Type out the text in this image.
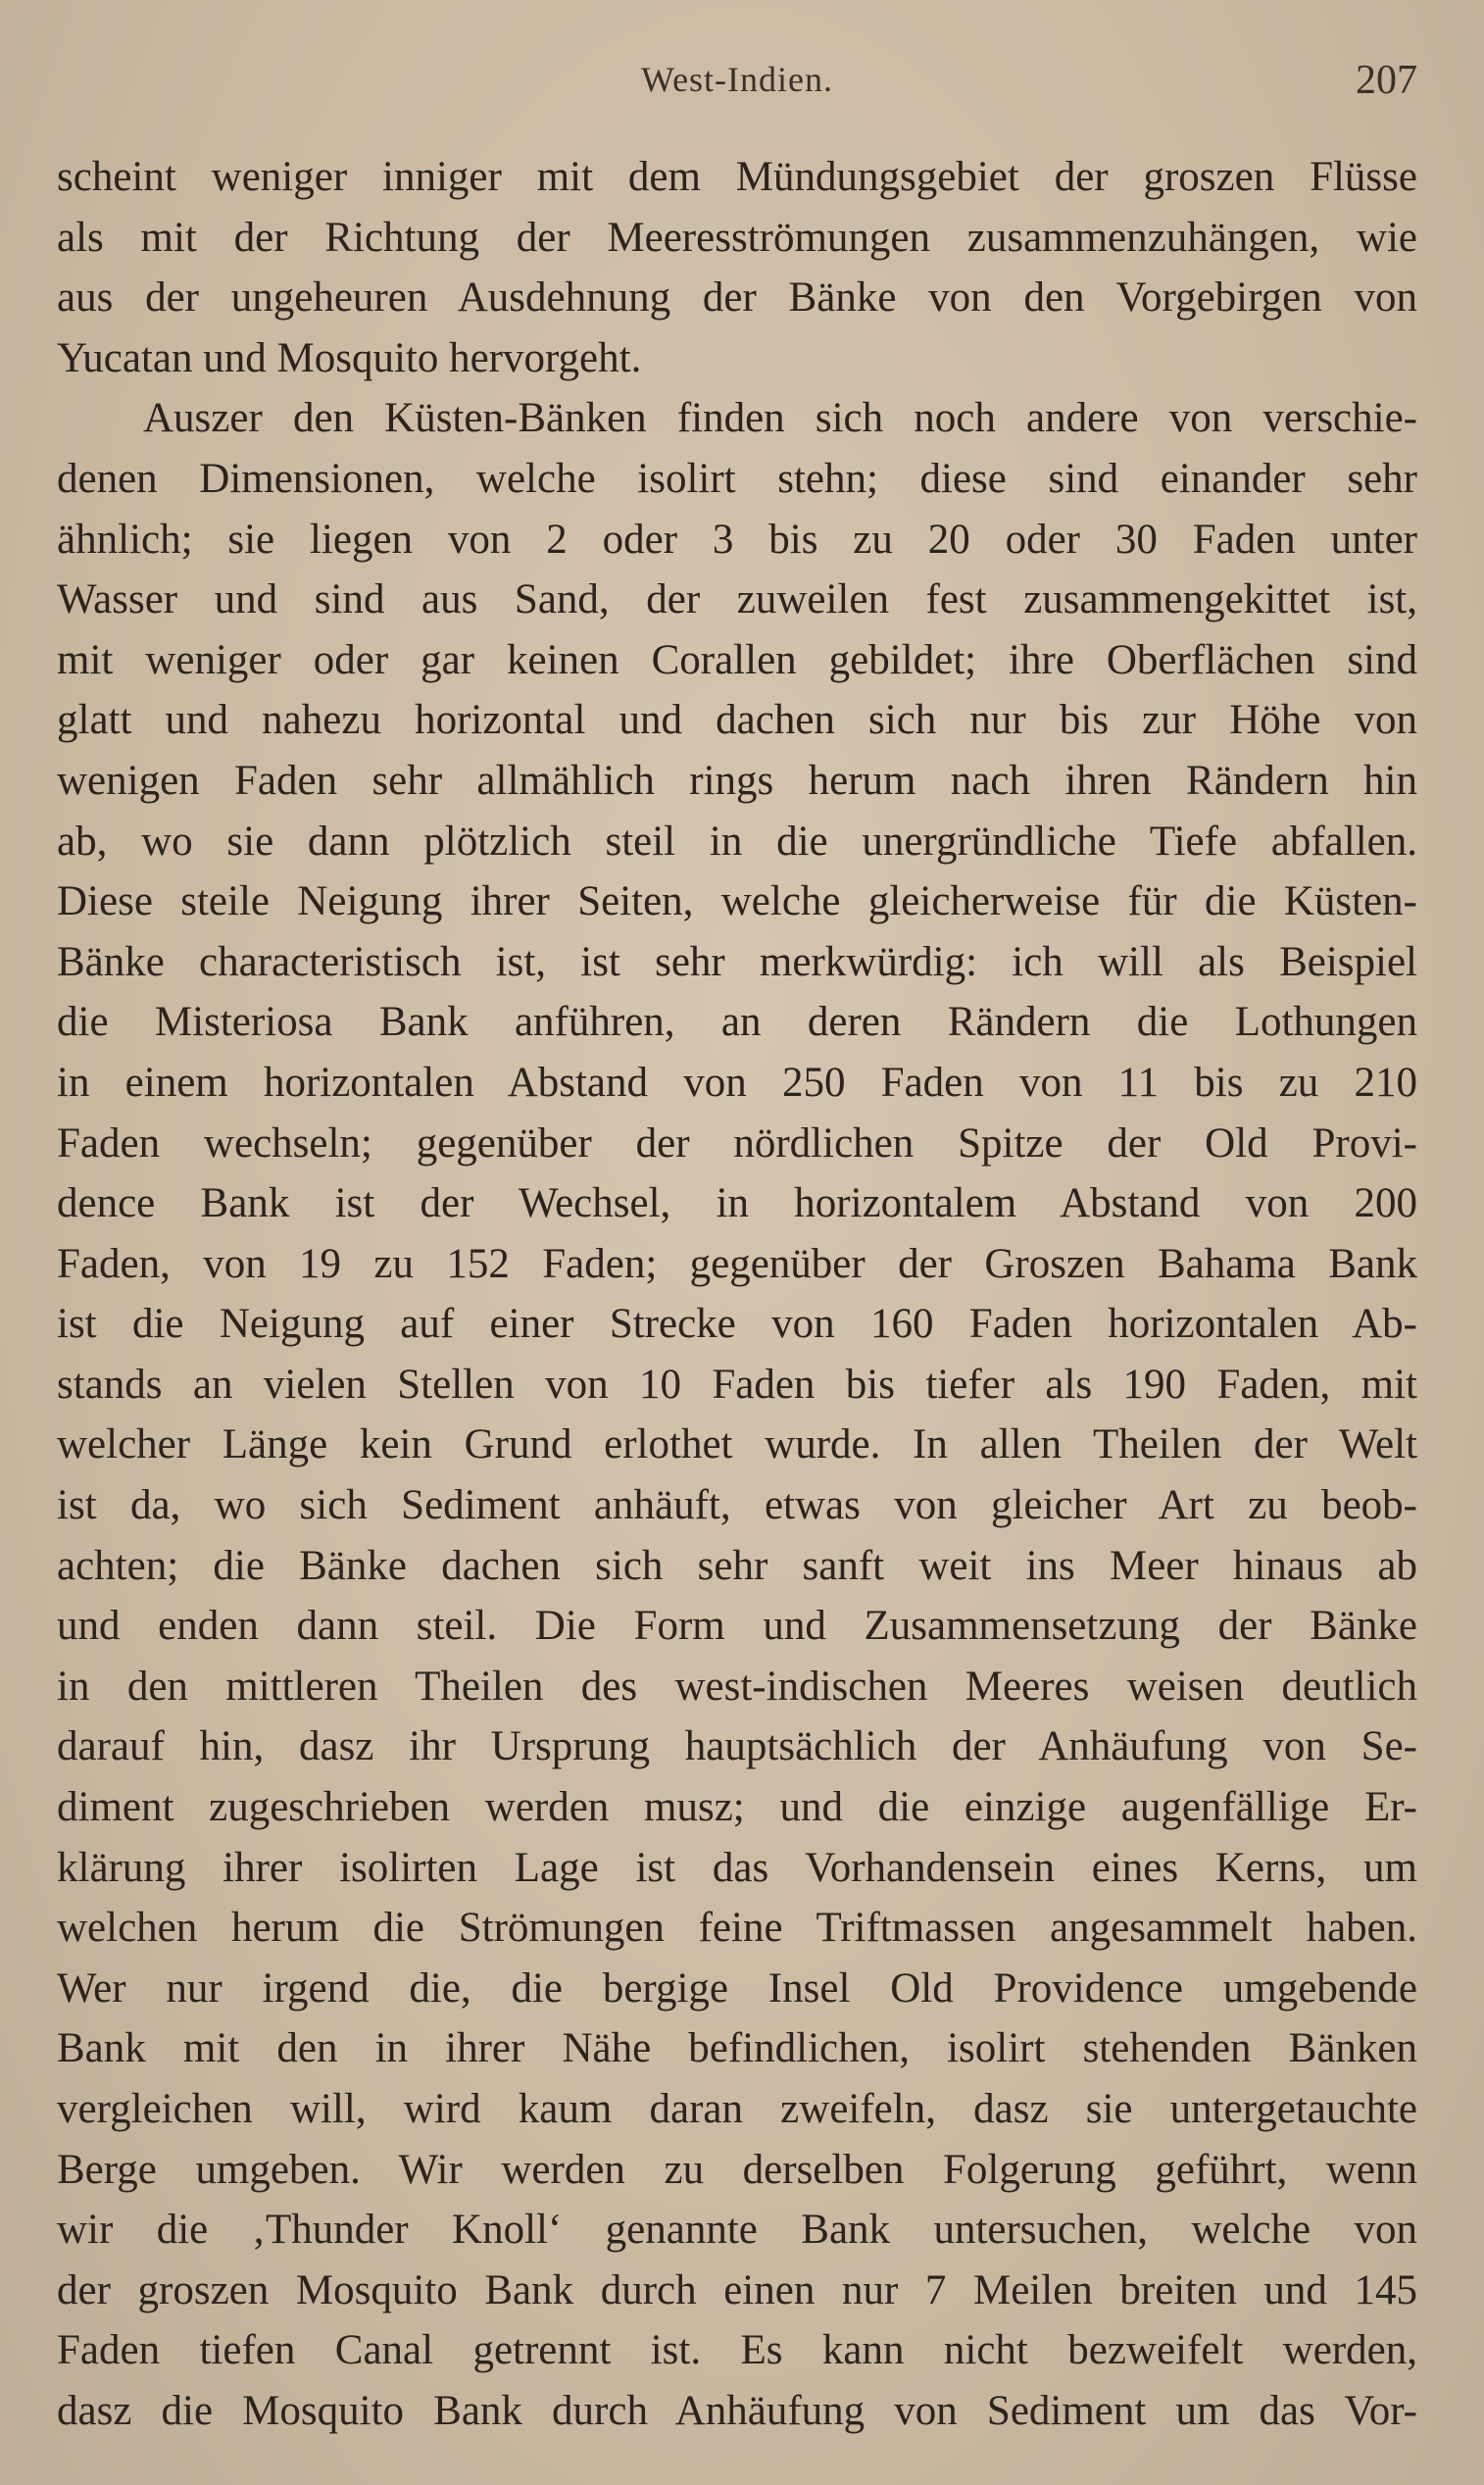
West-Indien.	207
scheint weniger inniger mit dem Mündungsgebiet der groszen Flüsse
als mit der Richtung der Meeresströmungen zusammenzuhängen, wie
aus der ungeheuren Ausdehnung der Bänke von den Vorgebirgen von
Yucatan und Mosquito hervorgeht.
Auszer den Küsten-Bänken finden sich noch andere von verschie-
denen Dimensionen, welche isolirt stehn; diese sind einander sehr
ähnlich; sie liegen von 2 oder 3 bis zu 20 oder 30 Faden unter
Wasser und sind aus Sand, der zuweilen fest zusammengekittet ist,
mit weniger oder gar keinen Corallen gebildet; ihre Oberflächen sind
glatt und nahezu horizontal und dachen sich nur bis zur Höhe von
wenigen Faden sehr allmählich rings herum nach ihren Rändern hin
ab, wo sie dann plötzlich steil in die unergründliche Tiefe abfallen.
Diese steile Neigung ihrer Seiten, welche gleicherweise für die Küsten-
Bänke characteristisch ist, ist sehr merkwürdig: ich will als Beispiel
die Misteriosa Bank anführen, an deren Rändern die Lothungen
in einem horizontalen Abstand von 250 Faden von 11 bis zu 210
Faden wechseln; gegenüber der nördlichen Spitze der Old Provi-
dence Bank ist der Wechsel, in horizontalem Abstand von 200
Faden, von 19 zu 152 Faden; gegenüber der Groszen Bahama Bank
ist die Neigung auf einer Strecke von 160 Faden horizontalen Ab-
stands an vielen Stellen von 10 Faden bis tiefer als 190 Faden, mit
welcher Länge kein Grund erlothet wurde. In allen Theilen der Welt
ist da, wo sich Sediment anhäuft, etwas von gleicher Art zu beob-
achten; die Bänke dachen sich sehr sanft weit ins Meer hinaus ab
und enden dann steil. Die Form und Zusammensetzung der Bänke
in den mittleren Theilen des west-indischen Meeres weisen deutlich
darauf hin, dasz ihr Ursprung hauptsächlich der Anhäufung von Se-
diment zugeschrieben werden musz; und die einzige augenfällige Er-
klärung ihrer isolirten Lage ist das Vorhandensein eines Kerns, um
welchen herum die Strömungen feine Triftmassen angesammelt haben.
Wer nur irgend die, die bergige Insel Old Providence umgebende
Bank mit den in ihrer Nähe befindlichen, isolirt stehenden Bänken
vergleichen will, wird kaum daran zweifeln, dasz sie untergetauchte
Berge umgeben. Wir werden zu derselben Folgerung geführt, wenn
wir die ‚Thunder Knoll‘ genannte Bank untersuchen, welche von
der groszen Mosquito Bank durch einen nur 7 Meilen breiten und 145
Faden tiefen Canal getrennt ist. Es kann nicht bezweifelt werden,
dasz die Mosquito Bank durch Anhäufung von Sediment um das Vor-
